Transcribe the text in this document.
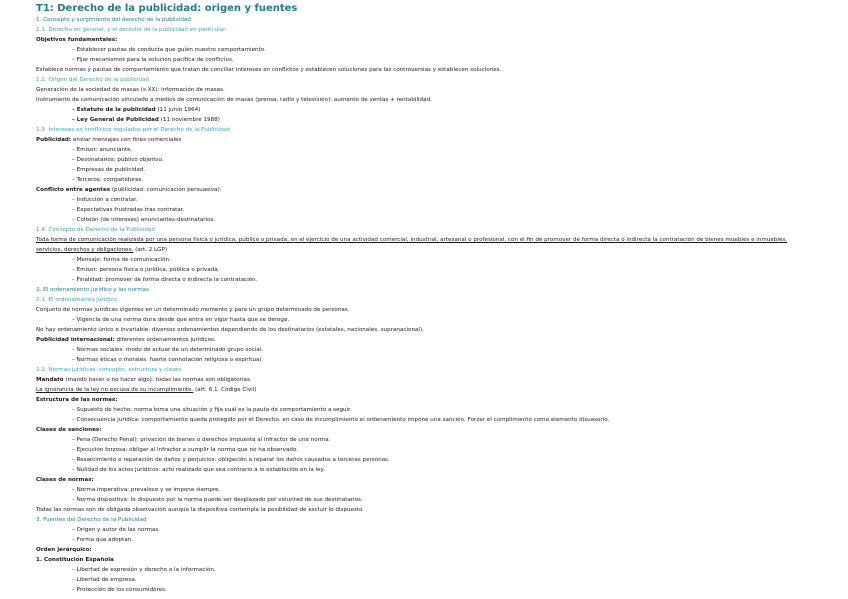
T1: Derecho de la publicidad: origen y fuentes
1. Concepto y surgimiento del derecho de la publicidad
1.1. Derecho en general, y el derecho de la publicidad en particular
Objetivos fundamentales:
– Establecer pautas de conducta que guíen nuestro comportamiento.
– Fijar mecanismos para la solución pacífica de conflictos.
Establece normas y pautas de comportamiento que tratan de conciliar intereses en conflictos y establecen soluciones para las controversias y establecen soluciones.
1.2. Origen del Derecho de la publicidad
Generación de la sociedad de masas (s.XX): información de masas.
Instrumento de comunicación vinculado a medios de comunicación de masas (prensa, radio y televisión): aumento de ventas + rentabilidad.
– Estatuto de la publicidad (11 junio 1964)
– Ley General de Publicidad (11 noviembre 1988)
1.3. Intereses en conflictos regulados por el Derecho de la Publicidad
Publicidad: enviar mensajes con fines comerciales
– Emisor: anunciante.
– Destinatarios: público objetivo.
– Empresas de publicidad.
– Terceros: competidores.
Conflicto entre agentes (publicidad: comunicación persuasiva):
– Inducción a contratar.
– Expectativas frustradas tras contratar.
– Colisión (de intereses) anunciantes-destinatarios.
1.4. Concepto de Derecho de la Publicidad
Toda forma de comunicación realizada por una persona física o jurídica, pública o privada, en el ejercicio de una actividad comercial, industrial, artesanal o profesional, con el fin de promover de forma directa o indirecta la contratación de bienes muebles e inmuebles, servicios, derechos y obligaciones. (art. 2 LGP)
– Mensaje: forma de comunicación.
– Emisor: persona física o jurídica, pública o privada.
– Finalidad: promover de forma directa o indirecta la contratación.
2. El ordenamiento jurídico y las normas
2.1. El ordenamiento jurídico
Conjunto de normas jurídicas vigentes en un determinado momento y para un grupo determinado de personas.
– Vigencia de una norma dura desde que entra en vigor hasta que se deroga.
No hay ordenamiento único e invariable: diversos ordenamientos dependiendo de los destinatarios (estatales, nacionales, supranacional).
Publicidad internacional: diferentes ordenamientos jurídicos.
– Normas sociales: modo de actuar de un determinado grupo social.
– Normas éticas o morales: fuerte connotación religiosa o espiritual.
2.2. Normas jurídicas: concepto, estructura y clases
Mandato (mando hacer o no hacer algo): todas las normas son obligatorias.
La ignorancia de la ley no excusa de su incumplimiento. (art. 6.1. Código Civil)
Estructura de las normas:
– Supuesto de hecho: norma toma una situación y fija cuál es la pauta de comportamiento a seguir.
– Consecuencia jurídica: comportamiento queda protegido por el Derecho, en caso de incumplimiento el ordenamiento impone una sanción. Forzar el cumplimiento como elemento disuasorio.
Clases de sanciones:
– Pena (Derecho Penal): privación de bienes o derechos impuesta al infractor de una norma.
– Ejecución forzosa: obligar al infractor a cumplir la norma que no ha observado.
– Resarcimiento o reparación de daños y perjuicios: obligación a reparar los daños causados a terceras personas.
– Nulidad de los actos jurídicos: acto realizado que sea contrario a lo establecido en la ley.
Clases de normas:
– Norma imperativa: prevalece y se impone siempre.
– Norma dispositiva: lo dispuesto por la norma puede ser desplazado por voluntad de sus destinatarios.
Todas las normas son de obligada observación aunque la dispositiva contempla la posibilidad de excluir lo dispuesto.
3. Fuentes del Derecho de la Publicidad
– Origen y autor de las normas.
– Forma que adoptan.
Orden jerárquico:
1. Constitución Española
– Libertad de expresión y derecho a la información.
– Libertad de empresa.
– Protección de los consumidores.
